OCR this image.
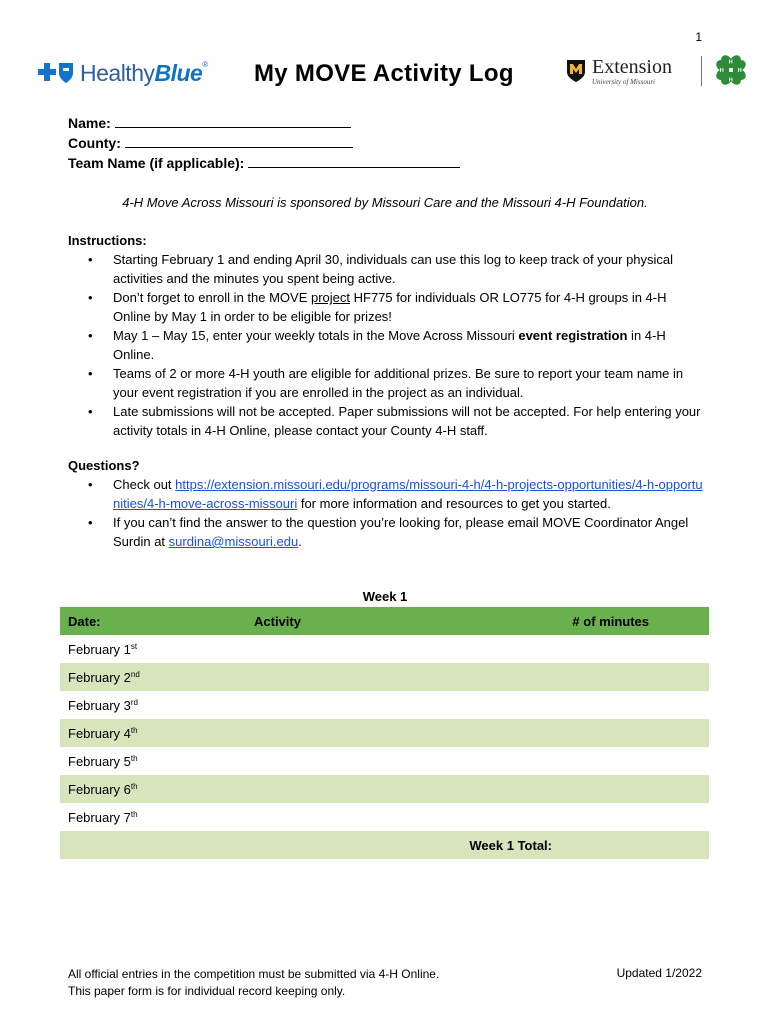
1
HealthyBlue® My MOVE Activity Log	Extension
University of Missouri
H
H
H H
Name:
County:
Team Name (if applicable):
4-H Move Across Missouri is sponsored by Missouri Care and the Missouri 4-H Foundation.
Instructions:
• Starting February 1 and ending April 30, individuals can use this log to keep track of your physical activities and the minutes you spent being active.
• Don’t forget to enroll in the MOVE project HF775 for individuals OR LO775 for 4-H groups in 4-H Online by May 1 in order to be eligible for prizes!
• May 1 – May 15, enter your weekly totals in the Move Across Missouri event registration in 4-H Online.
• Teams of 2 or more 4-H youth are eligible for additional prizes. Be sure to report your team name in your event registration if you are enrolled in the project as an individual.
• Late submissions will not be accepted. Paper submissions will not be accepted. For help entering your activity totals in 4-H Online, please contact your County 4-H staff.
Questions?
• Check out https://extension.missouri.edu/programs/missouri-4-h/4-h-projects-opportunities/4-h-opportunities/4-h-move-across-missouri for more information and resources to get you started.
• If you can’t find the answer to the question you’re looking for, please email MOVE Coordinator Angel Surdin at surdina@missouri.edu.
Week 1
Date:	Activity	# of minutes
February 1st		
February 2nd		
February 3rd		
February 4th		
February 5th		
February 6th		
February 7th		
	Week 1 Total:	
All official entries in the competition must be submitted via 4-H Online.
This paper form is for individual record keeping only.
Updated 1/2022
